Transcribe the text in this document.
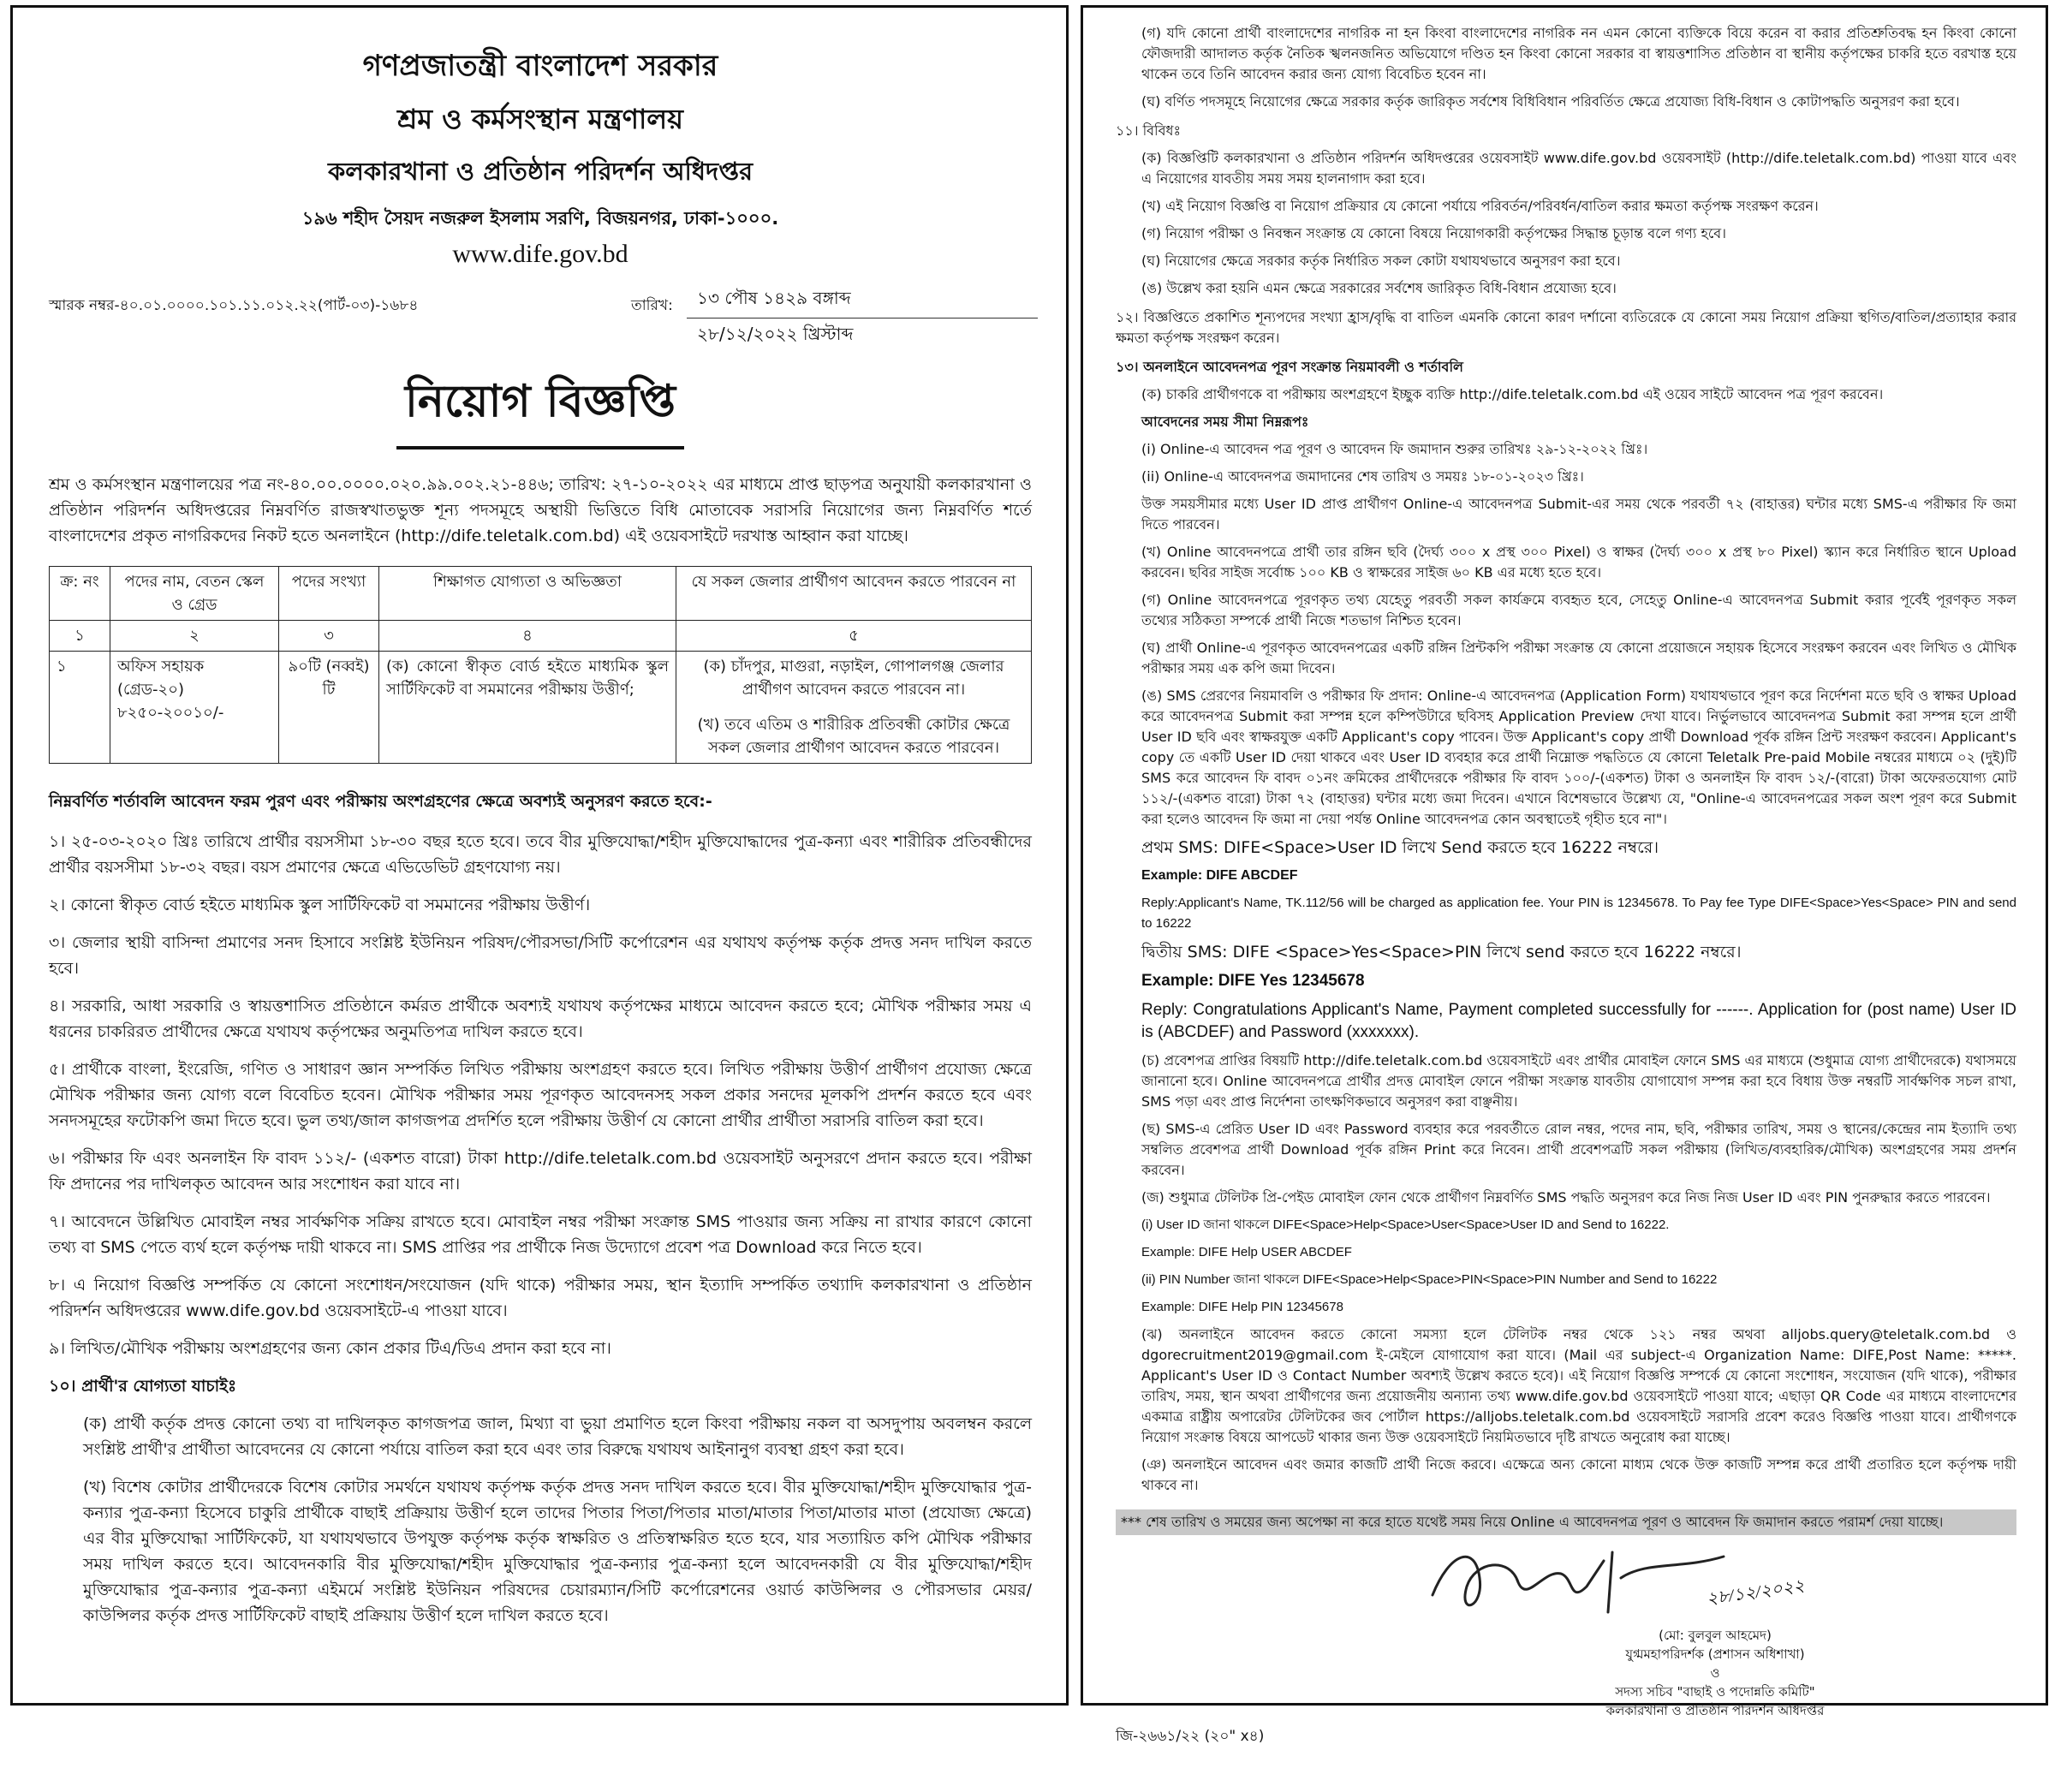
গণপ্রজাতন্ত্রী বাংলাদেশ সরকার
শ্রম ও কর্মসংস্থান মন্ত্রণালয়
কলকারখানা ও প্রতিষ্ঠান পরিদর্শন অধিদপ্তর
১৯৬ শহীদ সৈয়দ নজরুল ইসলাম সরণি, বিজয়নগর, ঢাকা-১০০০.
www.dife.gov.bd
স্মারক নম্বর-৪০.০১.০০০০.১০১.১১.০১২.২২(পার্ট-০৩)-১৬৮৪	তারিখ:	১৩ পৌষ ১৪২৯ বঙ্গাব্দ
২৮/১২/২০২২ খ্রিস্টাব্দ
নিয়োগ বিজ্ঞপ্তি
শ্রম ও কর্মসংস্থান মন্ত্রণালয়ের পত্র নং-৪০.০০.০০০০.০২০.৯৯.০০২.২১-৪৪৬; তারিখ: ২৭-১০-২০২২ এর মাধ্যমে প্রাপ্ত ছাড়পত্র অনুযায়ী কলকারখানা ও প্রতিষ্ঠান পরিদর্শন অধিদপ্তরের নিম্নবর্ণিত রাজস্বখাতভুক্ত শূন্য পদসমূহে অস্থায়ী ভিত্তিতে বিধি মোতাবেক সরাসরি নিয়োগের জন্য নিম্নবর্ণিত শর্তে বাংলাদেশের প্রকৃত নাগরিকদের নিকট হতে অনলাইনে (http://dife.teletalk.com.bd) এই ওয়েবসাইটে দরখাস্ত আহ্বান করা যাচ্ছে।
ক্র: নং	পদের নাম, বেতন স্কেল ও গ্রেড	পদের সংখ্যা	শিক্ষাগত যোগ্যতা ও অভিজ্ঞতা	যে সকল জেলার প্রার্থীগণ আবেদন করতে পারবেন না
১	২	৩	৪	৫
১	অফিস সহায়ক (গ্রেড-২০) ৮২৫০-২০০১০/-	৯০টি (নব্বই) টি	(ক) কোনো স্বীকৃত বোর্ড হইতে মাধ্যমিক স্কুল সার্টিফিকেট বা সমমানের পরীক্ষায় উত্তীর্ণ;	(ক) চাঁদপুর, মাগুরা, নড়াইল, গোপালগঞ্জ জেলার প্রার্থীগণ আবেদন করতে পারবেন না।
(খ) তবে এতিম ও শারীরিক প্রতিবন্ধী কোটার ক্ষেত্রে সকল জেলার প্রার্থীগণ আবেদন করতে পারবেন।
নিম্নবর্ণিত শর্তাবলি আবেদন ফরম পুরণ এবং পরীক্ষায় অংশগ্রহণের ক্ষেত্রে অবশ্যই অনুসরণ করতে হবে:-
১। ২৫-০৩-২০২০ খ্রিঃ তারিখে প্রার্থীর বয়সসীমা ১৮-৩০ বছর হতে হবে। তবে বীর মুক্তিযোদ্ধা/শহীদ মুক্তিযোদ্ধাদের পুত্র-কন্যা এবং শারীরিক প্রতিবন্ধীদের প্রার্থীর বয়সসীমা ১৮-৩২ বছর। বয়স প্রমাণের ক্ষেত্রে এভিডেভিট গ্রহণযোগ্য নয়।
২। কোনো স্বীকৃত বোর্ড হইতে মাধ্যমিক স্কুল সার্টিফিকেট বা সমমানের পরীক্ষায় উত্তীর্ণ।
৩। জেলার স্থায়ী বাসিন্দা প্রমাণের সনদ হিসাবে সংশ্লিষ্ট ইউনিয়ন পরিষদ/পৌরসভা/সিটি কর্পোরেশন এর যথাযথ কর্তৃপক্ষ কর্তৃক প্রদত্ত সনদ দাখিল করতে হবে।
৪। সরকারি, আধা সরকারি ও স্বায়ত্তশাসিত প্রতিষ্ঠানে কর্মরত প্রার্থীকে অবশ্যই যথাযথ কর্তৃপক্ষের মাধ্যমে আবেদন করতে হবে; মৌখিক পরীক্ষার সময় এ ধরনের চাকরিরত প্রার্থীদের ক্ষেত্রে যথাযথ কর্তৃপক্ষের অনুমতিপত্র দাখিল করতে হবে।
৫। প্রার্থীকে বাংলা, ইংরেজি, গণিত ও সাধারণ জ্ঞান সম্পর্কিত লিখিত পরীক্ষায় অংশগ্রহণ করতে হবে। লিখিত পরীক্ষায় উত্তীর্ণ প্রার্থীগণ প্রযোজ্য ক্ষেত্রে মৌখিক পরীক্ষার জন্য যোগ্য বলে বিবেচিত হবেন। মৌখিক পরীক্ষার সময় পূরণকৃত আবেদনসহ সকল প্রকার সনদের মূলকপি প্রদর্শন করতে হবে এবং সনদসমূহের ফটোকপি জমা দিতে হবে। ভুল তথ্য/জাল কাগজপত্র প্রদর্শিত হলে পরীক্ষায় উত্তীর্ণ যে কোনো প্রার্থীর প্রার্থীতা সরাসরি বাতিল করা হবে।
৬। পরীক্ষার ফি এবং অনলাইন ফি বাবদ ১১২/- (একশত বারো) টাকা http://dife.teletalk.com.bd ওয়েবসাইট অনুসরণে প্রদান করতে হবে। পরীক্ষা ফি প্রদানের পর দাখিলকৃত আবেদন আর সংশোধন করা যাবে না।
৭। আবেদনে উল্লিখিত মোবাইল নম্বর সার্বক্ষণিক সক্রিয় রাখতে হবে। মোবাইল নম্বর পরীক্ষা সংক্রান্ত SMS পাওয়ার জন্য সক্রিয় না রাখার কারণে কোনো তথ্য বা SMS পেতে ব্যর্থ হলে কর্তৃপক্ষ দায়ী থাকবে না। SMS প্রাপ্তির পর প্রার্থীকে নিজ উদ্যোগে প্রবেশ পত্র Download করে নিতে হবে।
৮। এ নিয়োগ বিজ্ঞপ্তি সম্পর্কিত যে কোনো সংশোধন/সংযোজন (যদি থাকে) পরীক্ষার সময়, স্থান ইত্যাদি সম্পর্কিত তথ্যাদি কলকারখানা ও প্রতিষ্ঠান পরিদর্শন অধিদপ্তরের www.dife.gov.bd ওয়েবসাইটে-এ পাওয়া যাবে।
৯। লিখিত/মৌখিক পরীক্ষায় অংশগ্রহণের জন্য কোন প্রকার টিএ/ডিএ প্রদান করা হবে না।
১০। প্রার্থী'র যোগ্যতা যাচাইঃ
(ক) প্রার্থী কর্তৃক প্রদত্ত কোনো তথ্য বা দাখিলকৃত কাগজপত্র জাল, মিথ্যা বা ভুয়া প্রমাণিত হলে কিংবা পরীক্ষায় নকল বা অসদুপায় অবলম্বন করলে সংশ্লিষ্ট প্রার্থী'র প্রার্থীতা আবেদনের যে কোনো পর্যায়ে বাতিল করা হবে এবং তার বিরুদ্ধে যথাযথ আইনানুগ ব্যবস্থা গ্রহণ করা হবে।
(খ) বিশেষ কোটার প্রার্থীদেরকে বিশেষ কোটার সমর্থনে যথাযথ কর্তৃপক্ষ কর্তৃক প্রদত্ত সনদ দাখিল করতে হবে। বীর মুক্তিযোদ্ধা/শহীদ মুক্তিযোদ্ধার পুত্র-কন্যার পুত্র-কন্যা হিসেবে চাকুরি প্রার্থীকে বাছাই প্রক্রিয়ায় উত্তীর্ণ হলে তাদের পিতার পিতা/পিতার মাতা/মাতার পিতা/মাতার মাতা (প্রযোজ্য ক্ষেত্রে) এর বীর মুক্তিযোদ্ধা সার্টিফিকেট, যা যথাযথভাবে উপযুক্ত কর্তৃপক্ষ কর্তৃক স্বাক্ষরিত ও প্রতিস্বাক্ষরিত হতে হবে, যার সত্যায়িত কপি মৌখিক পরীক্ষার সময় দাখিল করতে হবে। আবেদনকারি বীর মুক্তিযোদ্ধা/শহীদ মুক্তিযোদ্ধার পুত্র-কন্যার পুত্র-কন্যা হলে আবেদনকারী যে বীর মুক্তিযোদ্ধা/শহীদ মুক্তিযোদ্ধার পুত্র-কন্যার পুত্র-কন্যা এইমর্মে সংশ্লিষ্ট ইউনিয়ন পরিষদের চেয়ারম্যান/সিটি কর্পোরেশনের ওয়ার্ড কাউন্সিলর ও পৌরসভার মেয়র/কাউন্সিলর কর্তৃক প্রদত্ত সার্টিফিকেট বাছাই প্রক্রিয়ায় উত্তীর্ণ হলে দাখিল করতে হবে।
(গ) যদি কোনো প্রার্থী বাংলাদেশের নাগরিক না হন কিংবা বাংলাদেশের নাগরিক নন এমন কোনো ব্যক্তিকে বিয়ে করেন বা করার প্রতিশ্রুতিবদ্ধ হন কিংবা কোনো ফৌজদারী আদালত কর্তৃক নৈতিক স্খলনজনিত অভিযোগে দণ্ডিত হন কিংবা কোনো সরকার বা স্বায়ত্তশাসিত প্রতিষ্ঠান বা স্থানীয় কর্তৃপক্ষের চাকরি হতে বরখাস্ত হয়ে থাকেন তবে তিনি আবেদন করার জন্য যোগ্য বিবেচিত হবেন না।
(ঘ) বর্ণিত পদসমূহে নিয়োগের ক্ষেত্রে সরকার কর্তৃক জারিকৃত সর্বশেষ বিধিবিধান পরিবর্তিত ক্ষেত্রে প্রযোজ্য বিধি-বিধান ও কোটাপদ্ধতি অনুসরণ করা হবে।
১১। বিবিধঃ
(ক) বিজ্ঞপ্তিটি কলকারখানা ও প্রতিষ্ঠান পরিদর্শন অধিদপ্তরের ওয়েবসাইট www.dife.gov.bd ওয়েবসাইট (http://dife.teletalk.com.bd) পাওয়া যাবে এবং এ নিয়োগের যাবতীয় সময় সময় হালনাগাদ করা হবে।
(খ) এই নিয়োগ বিজ্ঞপ্তি বা নিয়োগ প্রক্রিয়ার যে কোনো পর্যায়ে পরিবর্তন/পরিবর্ধন/বাতিল করার ক্ষমতা কর্তৃপক্ষ সংরক্ষণ করেন।
(গ) নিয়োগ পরীক্ষা ও নিবন্ধন সংক্রান্ত যে কোনো বিষয়ে নিয়োগকারী কর্তৃপক্ষের সিদ্ধান্ত চূড়ান্ত বলে গণ্য হবে।
(ঘ) নিয়োগের ক্ষেত্রে সরকার কর্তৃক নির্ধারিত সকল কোটা যথাযথভাবে অনুসরণ করা হবে।
(ঙ) উল্লেখ করা হয়নি এমন ক্ষেত্রে সরকারের সর্বশেষ জারিকৃত বিধি-বিধান প্রযোজ্য হবে।
১২। বিজ্ঞপ্তিতে প্রকাশিত শূন্যপদের সংখ্যা হ্রাস/বৃদ্ধি বা বাতিল এমনকি কোনো কারণ দর্শানো ব্যতিরেকে যে কোনো সময় নিয়োগ প্রক্রিয়া স্থগিত/বাতিল/প্রত্যাহার করার ক্ষমতা কর্তৃপক্ষ সংরক্ষণ করেন।
১৩। অনলাইনে আবেদনপত্র পূরণ সংক্রান্ত নিয়মাবলী ও শর্তাবলি
(ক) চাকরি প্রার্থীগণকে বা পরীক্ষায় অংশগ্রহণে ইচ্ছুক ব্যক্তি http://dife.teletalk.com.bd এই ওয়েব সাইটে আবেদন পত্র পূরণ করবেন।
আবেদনের সময় সীমা নিম্নরূপঃ
(i) Online-এ আবেদন পত্র পূরণ ও আবেদন ফি জমাদান শুরুর তারিখঃ ২৯-১২-২০২২ খ্রিঃ।
(ii) Online-এ আবেদনপত্র জমাদানের শেষ তারিখ ও সময়ঃ ১৮-০১-২০২৩ খ্রিঃ।
উক্ত সময়সীমার মধ্যে User ID প্রাপ্ত প্রার্থীগণ Online-এ আবেদনপত্র Submit-এর সময় থেকে পরবর্তী ৭২ (বাহাত্তর) ঘন্টার মধ্যে SMS-এ পরীক্ষার ফি জমা দিতে পারবেন।
(খ) Online আবেদনপত্রে প্রার্থী তার রঙ্গিন ছবি (দৈর্ঘ্য ৩০০ x প্রস্থ ৩০০ Pixel) ও স্বাক্ষর (দৈর্ঘ্য ৩০০ x প্রস্থ ৮০ Pixel) স্ক্যান করে নির্ধারিত স্থানে Upload করবেন। ছবির সাইজ সর্বোচ্চ ১০০ KB ও স্বাক্ষরের সাইজ ৬০ KB এর মধ্যে হতে হবে।
(গ) Online আবেদনপত্রে পূরণকৃত তথ্য যেহেতু পরবর্তী সকল কার্যক্রমে ব্যবহৃত হবে, সেহেতু Online-এ আবেদনপত্র Submit করার পূর্বেই পূরণকৃত সকল তথ্যের সঠিকতা সম্পর্কে প্রার্থী নিজে শতভাগ নিশ্চিত হবেন।
(ঘ) প্রার্থী Online-এ পূরণকৃত আবেদনপত্রের একটি রঙ্গিন প্রিন্টকপি পরীক্ষা সংক্রান্ত যে কোনো প্রয়োজনে সহায়ক হিসেবে সংরক্ষণ করবেন এবং লিখিত ও মৌখিক পরীক্ষার সময় এক কপি জমা দিবেন।
(ঙ) SMS প্রেরণের নিয়মাবলি ও পরীক্ষার ফি প্রদান: Online-এ আবেদনপত্র (Application Form) যথাযথভাবে পূরণ করে নির্দেশনা মতে ছবি ও স্বাক্ষর Upload করে আবেদনপত্র Submit করা সম্পন্ন হলে কম্পিউটারে ছবিসহ Application Preview দেখা যাবে। নির্ভুলভাবে আবেদনপত্র Submit করা সম্পন্ন হলে প্রার্থী User ID ছবি এবং স্বাক্ষরযুক্ত একটি Applicant's copy পাবেন। উক্ত Applicant's copy প্রার্থী Download পূর্বক রঙ্গিন প্রিন্ট সংরক্ষণ করবেন। Applicant's copy তে একটি User ID দেয়া থাকবে এবং User ID ব্যবহার করে প্রার্থী নিম্নোক্ত পদ্ধতিতে যে কোনো Teletalk Pre-paid Mobile নম্বরের মাধ্যমে ০২ (দুই)টি SMS করে আবেদন ফি বাবদ ০১নং ক্রমিকের প্রার্থীদেরকে পরীক্ষার ফি বাবদ ১০০/-(একশত) টাকা ও অনলাইন ফি বাবদ ১২/-(বারো) টাকা অফেরতযোগ্য মোট ১১২/-(একশত বারো) টাকা ৭২ (বাহাত্তর) ঘন্টার মধ্যে জমা দিবেন। এখানে বিশেষভাবে উল্লেখ্য যে, "Online-এ আবেদনপত্রের সকল অংশ পূরণ করে Submit করা হলেও আবেদন ফি জমা না দেয়া পর্যন্ত Online আবেদনপত্র কোন অবস্থাতেই গৃহীত হবে না"।
প্রথম SMS: DIFE<Space>User ID লিখে Send করতে হবে 16222 নম্বরে।
Example: DIFE ABCDEF
Reply:Applicant's Name, TK.112/56 will be charged as application fee. Your PIN is 12345678. To Pay fee Type DIFE<Space>Yes<Space> PIN and send to 16222
দ্বিতীয় SMS: DIFE <Space>Yes<Space>PIN লিখে send করতে হবে 16222 নম্বরে।
Example: DIFE Yes 12345678
Reply: Congratulations Applicant's Name, Payment completed successfully for ------. Application for (post name) User ID is (ABCDEF) and Password (xxxxxxx).
(চ) প্রবেশপত্র প্রাপ্তির বিষয়টি http://dife.teletalk.com.bd ওয়েবসাইটে এবং প্রার্থীর মোবাইল ফোনে SMS এর মাধ্যমে (শুধুমাত্র যোগ্য প্রার্থীদেরকে) যথাসময়ে জানানো হবে। Online আবেদনপত্রে প্রার্থীর প্রদত্ত মোবাইল ফোনে পরীক্ষা সংক্রান্ত যাবতীয় যোগাযোগ সম্পন্ন করা হবে বিধায় উক্ত নম্বরটি সার্বক্ষণিক সচল রাখা, SMS পড়া এবং প্রাপ্ত নির্দেশনা তাৎক্ষণিকভাবে অনুসরণ করা বাঞ্ছনীয়।
(ছ) SMS-এ প্রেরিত User ID এবং Password ব্যবহার করে পরবর্তীতে রোল নম্বর, পদের নাম, ছবি, পরীক্ষার তারিখ, সময় ও স্থানের/কেন্দ্রের নাম ইত্যাদি তথ্য সম্বলিত প্রবেশপত্র প্রার্থী Download পূর্বক রঙ্গিন Print করে নিবেন। প্রার্থী প্রবেশপত্রটি সকল পরীক্ষায় (লিখিত/ব্যবহারিক/মৌখিক) অংশগ্রহণের সময় প্রদর্শন করবেন।
(জ) শুধুমাত্র টেলিটক প্রি-পেইড মোবাইল ফোন থেকে প্রার্থীগণ নিম্নবর্ণিত SMS পদ্ধতি অনুসরণ করে নিজ নিজ User ID এবং PIN পুনরুদ্ধার করতে পারবেন।
(i) User ID জানা থাকলে DIFE<Space>Help<Space>User<Space>User ID and Send to 16222.
Example: DIFE Help USER ABCDEF
(ii) PIN Number জানা থাকলে DIFE<Space>Help<Space>PIN<Space>PIN Number and Send to 16222
Example: DIFE Help PIN 12345678
(ঝ) অনলাইনে আবেদন করতে কোনো সমস্যা হলে টেলিটক নম্বর থেকে ১২১ নম্বর অথবা alljobs.query@teletalk.com.bd ও dgorecruitment2019@gmail.com ই-মেইলে যোগাযোগ করা যাবে। (Mail এর subject-এ Organization Name: DIFE,Post Name: *****. Applicant's User ID ও Contact Number অবশ্যই উল্লেখ করতে হবে)। এই নিয়োগ বিজ্ঞপ্তি সম্পর্কে যে কোনো সংশোধন, সংযোজন (যদি থাকে), পরীক্ষার তারিখ, সময়, স্থান অথবা প্রার্থীগণের জন্য প্রয়োজনীয় অন্যান্য তথ্য www.dife.gov.bd ওয়েবসাইটে পাওয়া যাবে; এছাড়া QR Code এর মাধ্যমে বাংলাদেশের একমাত্র রাষ্ট্রীয় অপারেটর টেলিটকের জব পোর্টাল https://alljobs.teletalk.com.bd ওয়েবসাইটে সরাসরি প্রবেশ করেও বিজ্ঞপ্তি পাওয়া যাবে। প্রার্থীগণকে নিয়োগ সংক্রান্ত বিষয়ে আপডেট থাকার জন্য উক্ত ওয়েবসাইটে নিয়মিতভাবে দৃষ্টি রাখতে অনুরোধ করা যাচ্ছে।
(ঞ) অনলাইনে আবেদন এবং জমার কাজটি প্রার্থী নিজে করবে। এক্ষেত্রে অন্য কোনো মাধ্যম থেকে উক্ত কাজটি সম্পন্ন করে প্রার্থী প্রতারিত হলে কর্তৃপক্ষ দায়ী থাকবে না।
*** শেষ তারিখ ও সময়ের জন্য অপেক্ষা না করে হাতে যথেষ্ট সময় নিয়ে Online এ আবেদনপত্র পূরণ ও আবেদন ফি জমাদান করতে পরামর্শ দেয়া যাচ্ছে।
২৮/১২/২০২২
(মো: বুলবুল আহমেদ)
যুগ্মমহাপরিদর্শক (প্রশাসন অধিশাখা)
ও
সদস্য সচিব "বাছাই ও পদোন্নতি কমিটি"
কলকারখানা ও প্রতিষ্ঠান পরিদর্শন অধিদপ্তর
জি-২৬৬১/২২ (২০" x৪)
